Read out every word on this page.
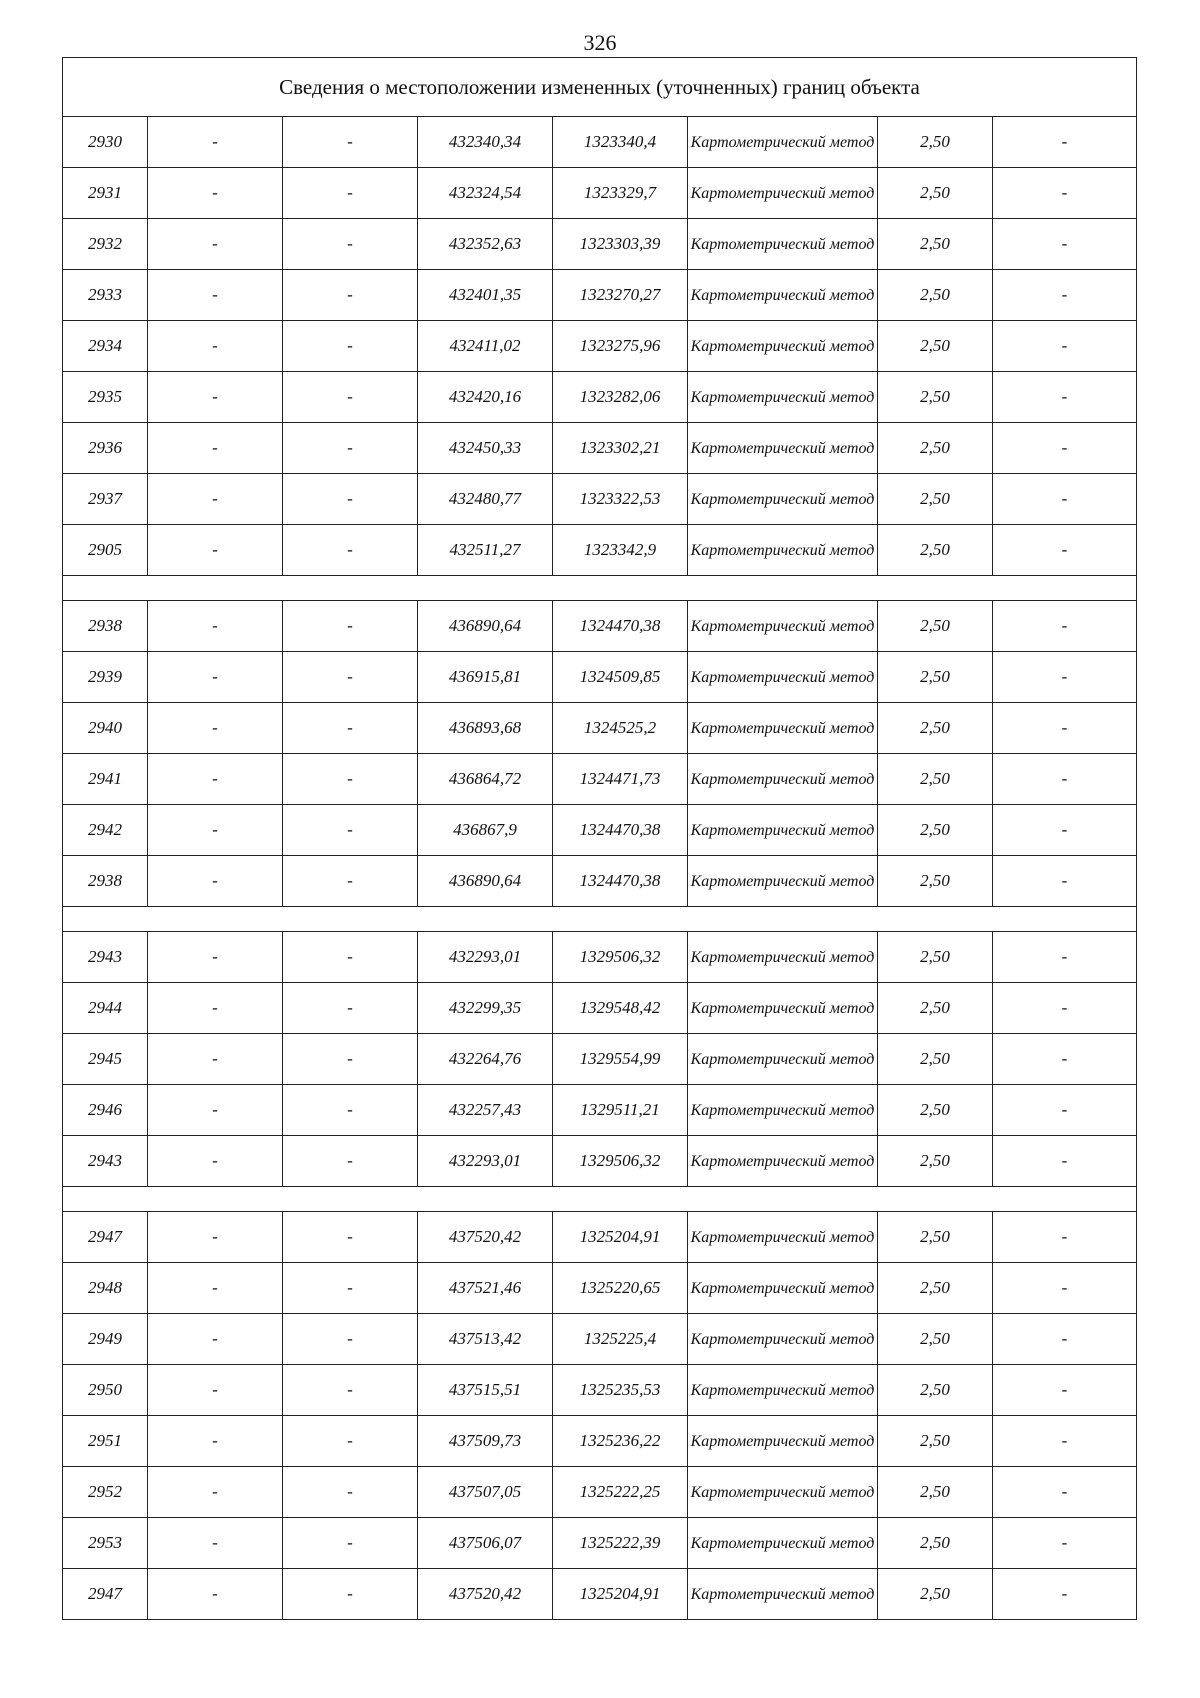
326
Сведения о местоположении измененных (уточненных) границ объекта							
2930	-	-	432340,34	1323340,4	Картометрический метод	2,50	-
2931	-	-	432324,54	1323329,7	Картометрический метод	2,50	-
2932	-	-	432352,63	1323303,39	Картометрический метод	2,50	-
2933	-	-	432401,35	1323270,27	Картометрический метод	2,50	-
2934	-	-	432411,02	1323275,96	Картометрический метод	2,50	-
2935	-	-	432420,16	1323282,06	Картометрический метод	2,50	-
2936	-	-	432450,33	1323302,21	Картометрический метод	2,50	-
2937	-	-	432480,77	1323322,53	Картометрический метод	2,50	-
2905	-	-	432511,27	1323342,9	Картометрический метод	2,50	-

2938	-	-	436890,64	1324470,38	Картометрический метод	2,50	-
2939	-	-	436915,81	1324509,85	Картометрический метод	2,50	-
2940	-	-	436893,68	1324525,2	Картометрический метод	2,50	-
2941	-	-	436864,72	1324471,73	Картометрический метод	2,50	-
2942	-	-	436867,9	1324470,38	Картометрический метод	2,50	-
2938	-	-	436890,64	1324470,38	Картометрический метод	2,50	-

2943	-	-	432293,01	1329506,32	Картометрический метод	2,50	-
2944	-	-	432299,35	1329548,42	Картометрический метод	2,50	-
2945	-	-	432264,76	1329554,99	Картометрический метод	2,50	-
2946	-	-	432257,43	1329511,21	Картометрический метод	2,50	-
2943	-	-	432293,01	1329506,32	Картометрический метод	2,50	-

2947	-	-	437520,42	1325204,91	Картометрический метод	2,50	-
2948	-	-	437521,46	1325220,65	Картометрический метод	2,50	-
2949	-	-	437513,42	1325225,4	Картометрический метод	2,50	-
2950	-	-	437515,51	1325235,53	Картометрический метод	2,50	-
2951	-	-	437509,73	1325236,22	Картометрический метод	2,50	-
2952	-	-	437507,05	1325222,25	Картометрический метод	2,50	-
2953	-	-	437506,07	1325222,39	Картометрический метод	2,50	-
2947	-	-	437520,42	1325204,91	Картометрический метод	2,50	-
